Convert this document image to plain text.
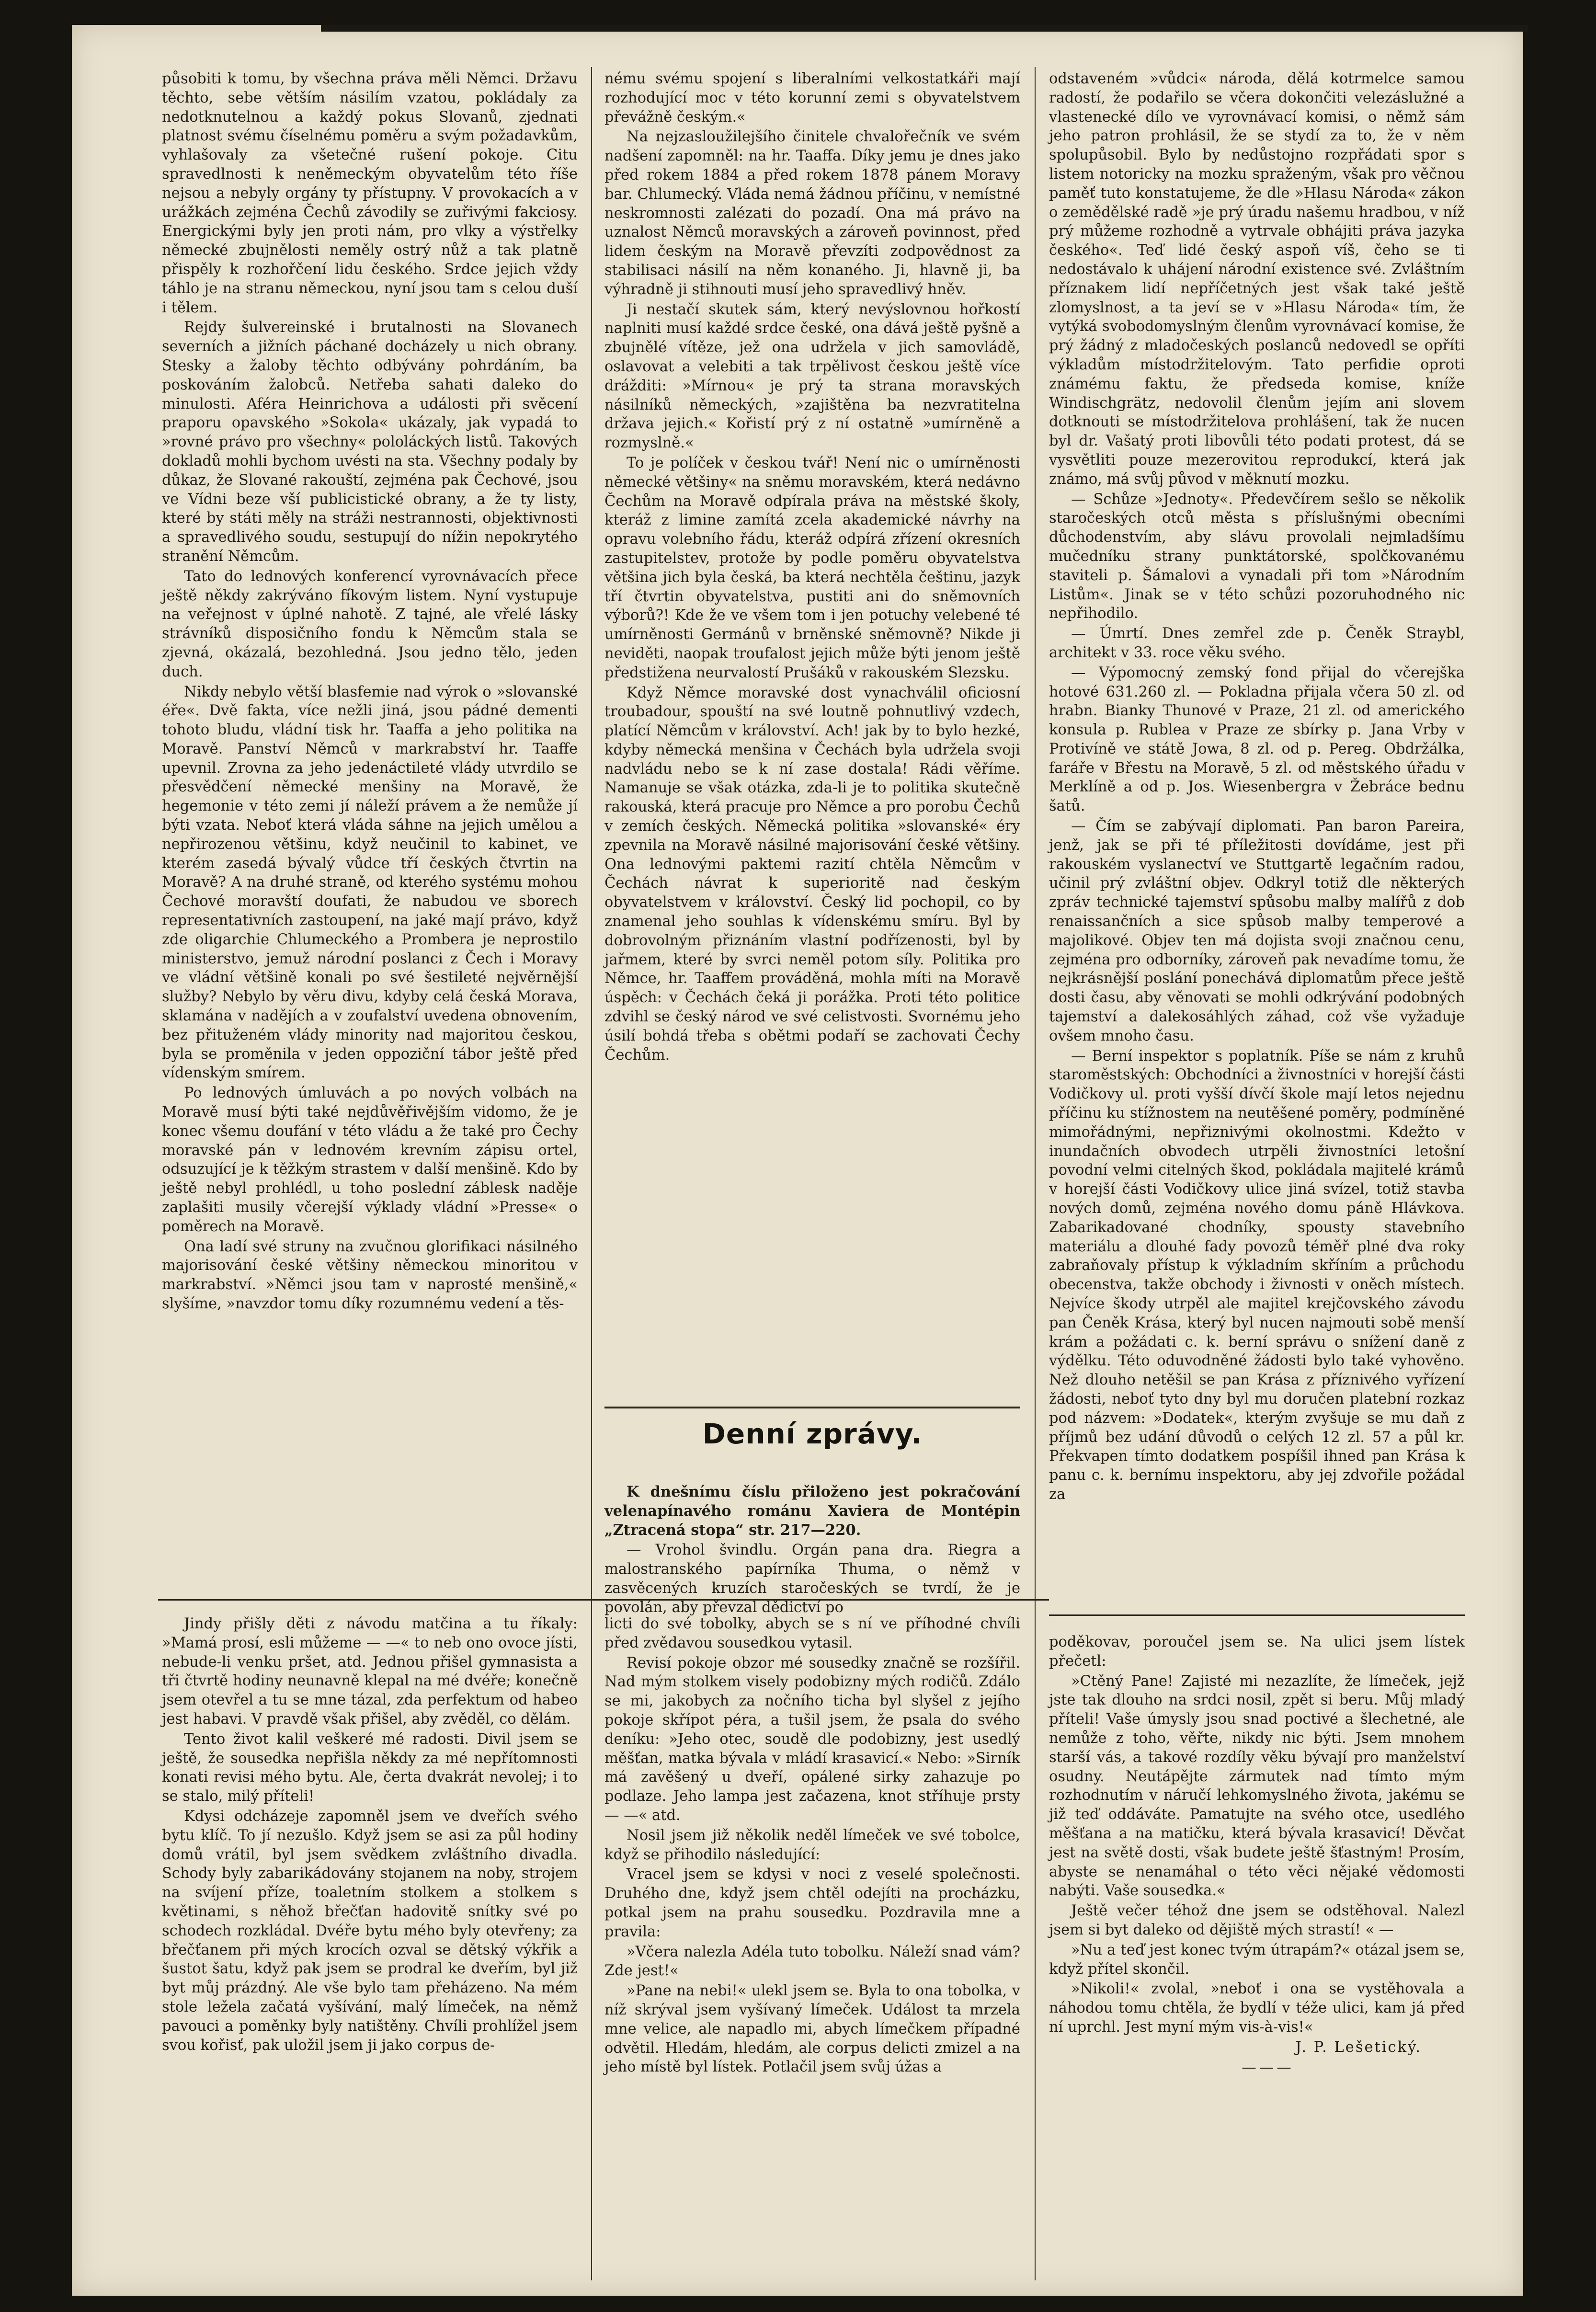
působiti k tomu, by všechna práva měli Němci. Državu těchto, sebe větším násilím vzatou, pokládaly za nedotknutelnou a každý pokus Slovanů, zjednati platnost svému číselnému poměru a svým požadavkům, vyhlašovaly za všetečné rušení pokoje. Citu spravedlnosti k neněmeckým obyvatelům této říše nejsou a nebyly orgány ty přístupny. V provokacích a v urážkách zejména Čechů závodily se zuřivými fakciosy. Energickými byly jen proti nám, pro vlky a výstřelky německé zbujnělosti neměly ostrý nůž a tak platně přispěly k rozhořčení lidu českého. Srdce jejich vždy táhlo je na stranu německou, nyní jsou tam s celou duší i tělem.

Rejdy šulvereinské i brutalnosti na Slovanech severních a jižních páchané docházely u nich obrany. Stesky a žaloby těchto odbývány pohrdáním, ba poskováním žalobců. Netřeba sahati daleko do minulosti. Aféra Heinrichova a události při svěcení praporu opavského »Sokola« ukázaly, jak vypadá to »rovné právo pro všechny« pololáckých listů. Takových dokladů mohli bychom uvésti na sta. Všechny podaly by důkaz, že Slované rakouští, zejména pak Čechové, jsou ve Vídni beze vší publicistické obrany, a že ty listy, které by státi měly na stráži nestrannosti, objektivnosti a spravedlivého soudu, sestupují do nížin nepokrytého stranění Němcům.

Tato do lednových konferencí vyrovnávacích přece ještě někdy zakrýváno fíkovým listem. Nyní vystupuje na veřejnost v úplné nahotě. Z tajné, ale vřelé lásky strávníků disposičního fondu k Němcům stala se zjevná, okázalá, bezohledná. Jsou jedno tělo, jeden duch.

Nikdy nebylo větší blasfemie nad výrok o »slovanské éře«. Dvě fakta, více nežli jiná, jsou pádné dementi tohoto bludu, vládní tisk hr. Taaffa a jeho politika na Moravě. Panství Němců v markrabství hr. Taaffe upevnil. Zrovna za jeho jedenáctileté vlády utvrdilo se přesvědčení německé menšiny na Moravě, že hegemonie v této zemi jí náleží právem a že nemůže jí býti vzata. Neboť která vláda sáhne na jejich umělou a nepřirozenou většinu, když neučinil to kabinet, ve kterém zasedá bývalý vůdce tří českých čtvrtin na Moravě? A na druhé straně, od kterého systému mohou Čechové moravští doufati, že nabudou ve sborech representativních zastoupení, na jaké mají právo, když zde oligarchie Chlumeckého a Prombera je neprostilo ministerstvo, jemuž národní poslanci z Čech i Moravy ve vládní většině konali po své šestileté nejvěrnější služby? Nebylo by věru divu, kdyby celá česká Morava, sklamána v nadějích a v zoufalství uvedena obnovením, bez přituženém vlády minority nad majoritou českou, byla se proměnila v jeden oppoziční tábor ještě před vídenským smírem.

Po lednových úmluvách a po nových volbách na Moravě musí býti také nejdůvěřivějším vidomo, že je konec všemu doufání v této vládu a že také pro Čechy moravské pán v lednovém krevním zápisu ortel, odsuzující je k těžkým strastem v další menšině. Kdo by ještě nebyl prohlédl, u toho poslední záblesk naděje zaplašiti musily včerejší výklady vládní »Presse« o poměrech na Moravě.

Ona ladí své struny na zvučnou glorifikaci násilného majorisování české většiny německou minoritou v markrabství. »Němci jsou tam v naprosté menšině,« slyšíme, »navzdor tomu díky rozumnému vedení a těs-

nému svému spojení s liberalními velkostatkáři mají rozhodující moc v této korunní zemi s obyvatelstvem převážně českým.«

Na nejzasloužilejšího činitele chvalořečník ve svém nadšení zapomněl: na hr. Taaffa. Díky jemu je dnes jako před rokem 1884 a před rokem 1878 pánem Moravy bar. Chlumecký. Vláda nemá žádnou příčinu, v nemístné neskromnosti zalézati do pozadí. Ona má právo na uznalost Němců moravských a zároveň povinnost, před lidem českým na Moravě převzíti zodpovědnost za stabilisaci násilí na něm konaného. Ji, hlavně ji, ba výhradně ji stihnouti musí jeho spravedlivý hněv.

Ji nestačí skutek sám, který nevýslovnou hořkostí naplniti musí každé srdce české, ona dává ještě pyšně a zbujnělé vítěze, jež ona udržela v jich samovládě, oslavovat a velebiti a tak trpělivost českou ještě více drážditi: »Mírnou« je prý ta strana moravských násilníků německých, »zajištěna ba nezvratitelna država jejich.« Kořistí prý z ní ostatně »umírněně a rozmyslně.«

To je políček v českou tvář! Není nic o umírněnosti německé většiny« na sněmu moravském, která nedávno Čechům na Moravě odpírala práva na městské školy, kteráž z limine zamítá zcela akademické návrhy na opravu volebního řádu, kteráž odpírá zřízení okresních zastupitelstev, protože by podle poměru obyvatelstva většina jich byla česká, ba která nechtěla češtinu, jazyk tří čtvrtin obyvatelstva, pustiti ani do sněmovních výborů?! Kde že ve všem tom i jen potuchy velebené té umírněnosti Germánů v brněnské sněmovně? Nikde ji neviděti, naopak troufalost jejich může býti jenom ještě předstižena neurvalostí Prušáků v rakouském Slezsku.

Když Němce moravské dost vynachválil oficiosní troubadour, spouští na své loutně pohnutlivý vzdech, platící Němcům v království. Ach! jak by to bylo hezké, kdyby německá menšina v Čechách byla udržela svoji nadvládu nebo se k ní zase dostala! Rádi věříme. Namanuje se však otázka, zda-li je to politika skutečně rakouská, která pracuje pro Němce a pro porobu Čechů v zemích českých. Německá politika »slovanské« éry zpevnila na Moravě násilné majorisování české většiny. Ona lednovými paktemi razití chtěla Němcům v Čechách návrat k superioritě nad českým obyvatelstvem v království. Český lid pochopil, co by znamenal jeho souhlas k vídenskému smíru. Byl by dobrovolným přiznáním vlastní podřízenosti, byl by jařmem, které by svrci neměl potom síly. Politika pro Němce, hr. Taaffem prováděná, mohla míti na Moravě úspěch: v Čechách čeká ji porážka. Proti této politice zdvihl se český národ ve své celistvosti. Svornému jeho úsilí bohdá třeba s obětmi podaří se zachovati Čechy Čechům.

Denní zprávy.

K dnešnímu číslu přiloženo jest pokračování velenapínavého románu Xaviera de Montépin „Ztracená stopa“ str. 217—220.

— Vrohol švindlu. Orgán pana dra. Riegra a malostranského papírníka Thuma, o němž v zasvěcených kruzích staročeských se tvrdí, že je povolán, aby převzal dědictví po

odstaveném »vůdci« národa, dělá kotrmelce samou radostí, že podařilo se včera dokončiti velezáslužné a vlastenecké dílo ve vyrovnávací komisi, o němž sám jeho patron prohlásil, že se stydí za to, že v něm spolupůsobil. Bylo by nedůstojno rozpřádati spor s listem notoricky na mozku spraženým, však pro věčnou paměť tuto konstatujeme, že dle »Hlasu Národa« zákon o zemědělské radě »je prý úradu našemu hradbou, v níž prý můžeme rozhodně a vytrvale obhájiti práva jazyka českého«. Teď lidé český aspoň víš, čeho se ti nedostávalo k uhájení národní existence své. Zvláštním příznakem lidí nepříčetných jest však také ještě zlomyslnost, a ta jeví se v »Hlasu Národa« tím, že vytýká svobodomyslným členům vyrovnávací komise, že prý žádný z mladočeských poslanců nedovedl se opříti výkladům místodržitelovým. Tato perfidie oproti známému faktu, že předseda komise, kníže Windischgrätz, nedovolil členům jejím ani slovem dotknouti se místodržitelova prohlášení, tak že nucen byl dr. Vašatý proti libovůli této podati protest, dá se vysvětliti pouze mezerovitou reprodukcí, která jak známo, má svůj původ v měknutí mozku.

— Schůze »Jednoty«. Předevčírem sešlo se několik staročeských otců města s příslušnými obecními důchodenstvím, aby slávu provolali nejmladšímu mučedníku strany punktátorské, spolčkovanému staviteli p. Šámalovi a vynadali při tom »Národním Listům«. Jinak se v této schůzi pozoruhodného nic nepřihodilo.

— Úmrtí. Dnes zemřel zde p. Čeněk Straybl, architekt v 33. roce věku svého.

— Výpomocný zemský fond přijal do včerejška hotové 631.260 zl. — Pokladna přijala včera 50 zl. od hrabn. Bianky Thunové v Praze, 21 zl. od amerického konsula p. Rublea v Praze ze sbírky p. Jana Vrby v Protivíně ve státě Jowa, 8 zl. od p. Pereg. Obdržálka, faráře v Břestu na Moravě, 5 zl. od městského úřadu v Merklíně a od p. Jos. Wiesenbergra v Žebráce bednu šatů.

— Čím se zabývají diplomati. Pan baron Pareira, jenž, jak se při té příležitosti dovídáme, jest při rakouském vyslanectví ve Stuttgartě legačním radou, učinil prý zvláštní objev. Odkryl totiž dle některých zpráv technické tajemství spůsobu malby malířů z dob renaissančních a sice spůsob malby temperové a majolikové. Objev ten má dojista svoji značnou cenu, zejména pro odborníky, zároveň pak nevadíme tomu, že nejkrásnější poslání ponechává diplomatům přece ještě dosti času, aby věnovati se mohli odkrývání podobných tajemství a dalekosáhlých záhad, což vše vyžaduje ovšem mnoho času.

— Berní inspektor s poplatník. Píše se nám z kruhů staroměstských: Obchodníci a živnostníci v horejší části Vodičkovy ul. proti vyšší dívčí škole mají letos nejednu příčinu ku stížnostem na neutěšené poměry, podmíněné mimořádnými, nepřiznivými okolnostmi. Kdežto v inundačních obvodech utrpěli živnostníci letošní povodní velmi citelných škod, pokládala majitelé krámů v horejší části Vodičkovy ulice jiná svízel, totiž stavba nových domů, zejména nového domu páně Hlávkova. Zabarikadované chodníky, spousty stavebního materiálu a dlouhé fady povozů téměř plné dva roky zabraňovaly přístup k výkladním skříním a průchodu obecenstva, takže obchody i živnosti v oněch místech. Nejvíce škody utrpěl ale majitel krejčovského závodu pan Čeněk Krása, který byl nucen najmouti sobě menší krám a požádati c. k. berní správu o snížení daně z výdělku. Této oduvodněné žádosti bylo také vyhověno. Než dlouho netěšil se pan Krása z příznivého vyřízení žádosti, neboť tyto dny byl mu doručen platební rozkaz pod názvem: »Dodatek«, kterým zvyšuje se mu daň z příjmů bez udání důvodů o celých 12 zl. 57 a půl kr. Překvapen tímto dodatkem pospíšil ihned pan Krása k panu c. k. bernímu inspektoru, aby jej zdvořile požádal za

Jindy přišly děti z návodu matčina a tu říkaly: »Mamá prosí, esli můžeme — —« to neb ono ovoce jísti, nebude-li venku pršet, atd. Jednou přišel gymnasista a tři čtvrtě hodiny neunavně klepal na mé dvéře; konečně jsem otevřel a tu se mne tázal, zda perfektum od habeo jest habavi. V pravdě však přišel, aby zvěděl, co dělám.

Tento život kalil veškeré mé radosti. Divil jsem se ještě, že sousedka nepřišla někdy za mé nepřítomnosti konati revisi mého bytu. Ale, čerta dvakrát nevolej; i to se stalo, milý příteli!

Kdysi odcházeje zapomněl jsem ve dveřích svého bytu klíč. To jí nezušlo. Když jsem se asi za půl hodiny domů vrátil, byl jsem svědkem zvláštního divadla. Schody byly zabarikádovány stojanem na noby, strojem na svíjení příze, toaletním stolkem a stolkem s květinami, s něhož břečťan hadovitě snítky své po schodech rozkládal. Dvéře bytu mého byly otevřeny; za břečťanem při mých krocích ozval se dětský výkřik a šustot šatu, když pak jsem se prodral ke dveřím, byl již byt můj prázdný. Ale vše bylo tam přeházeno. Na mém stole ležela začatá vyšívání, malý límeček, na němž pavouci a poměnky byly natištěny. Chvíli prohlížel jsem svou kořisť, pak uložil jsem ji jako corpus de-

licti do své tobolky, abych se s ní ve příhodné chvíli před zvědavou sousedkou vytasil.

Revisí pokoje obzor mé sousedky značně se rozšířil. Nad mým stolkem visely podobizny mých rodičů. Zdálo se mi, jakobych za nočního ticha byl slyšel z jejího pokoje skřípot péra, a tušil jsem, že psala do svého deníku: »Jeho otec, soudě dle podobizny, jest usedlý měšťan, matka bývala v mládí krasavicí.« Nebo: »Sirník má zavěšený u dveří, opálené sirky zahazuje po podlaze. Jeho lampa jest začazena, knot stříhuje prsty — —« atd.

Nosil jsem již několik neděl límeček ve své tobolce, když se přihodilo následující:

Vracel jsem se kdysi v noci z veselé společnosti. Druhého dne, když jsem chtěl odejíti na procházku, potkal jsem na prahu sousedku. Pozdravila mne a pravila:

»Včera nalezla Adéla tuto tobolku. Náleží snad vám? Zde jest!«

»Pane na nebi!« ulekl jsem se. Byla to ona tobolka, v níž skrýval jsem vyšívaný límeček. Událost ta mrzela mne velice, ale napadlo mi, abych límečkem případné odvětil. Hledám, hledám, ale corpus delicti zmizel a na jeho místě byl lístek. Potlačil jsem svůj úžas a

poděkovav, poroučel jsem se. Na ulici jsem lístek přečetl:

»Ctěný Pane! Zajisté mi nezazlíte, že límeček, jejž jste tak dlouho na srdci nosil, zpět si beru. Můj mladý příteli! Vaše úmysly jsou snad poctivé a šlechetné, ale nemůže z toho, věřte, nikdy nic býti. Jsem mnohem starší vás, a takové rozdíly věku bývají pro manželství osudny. Neutápějte zármutek nad tímto mým rozhodnutím v náručí lehkomyslného života, jakému se již teď oddáváte. Pamatujte na svého otce, usedlého měšťana a na matičku, která bývala krasavicí! Děvčat jest na světě dosti, však budete ještě šťastným! Prosím, abyste se nenamáhal o této věci nějaké vědomosti nabýti. Vaše sousedka.«

Ještě večer téhož dne jsem se odstěhoval. Nalezl jsem si byt daleko od dějiště mých strastí! « —

»Nu a teď jest konec tvým útrapám?« otázal jsem se, když přítel skončil.

»Nikoli!« zvolal, »neboť i ona se vystěhovala a náhodou tomu chtěla, že bydlí v téže ulici, kam já před ní uprchl. Jest myní mým vis-à-vis!«

J. P. Lešetický.

———
